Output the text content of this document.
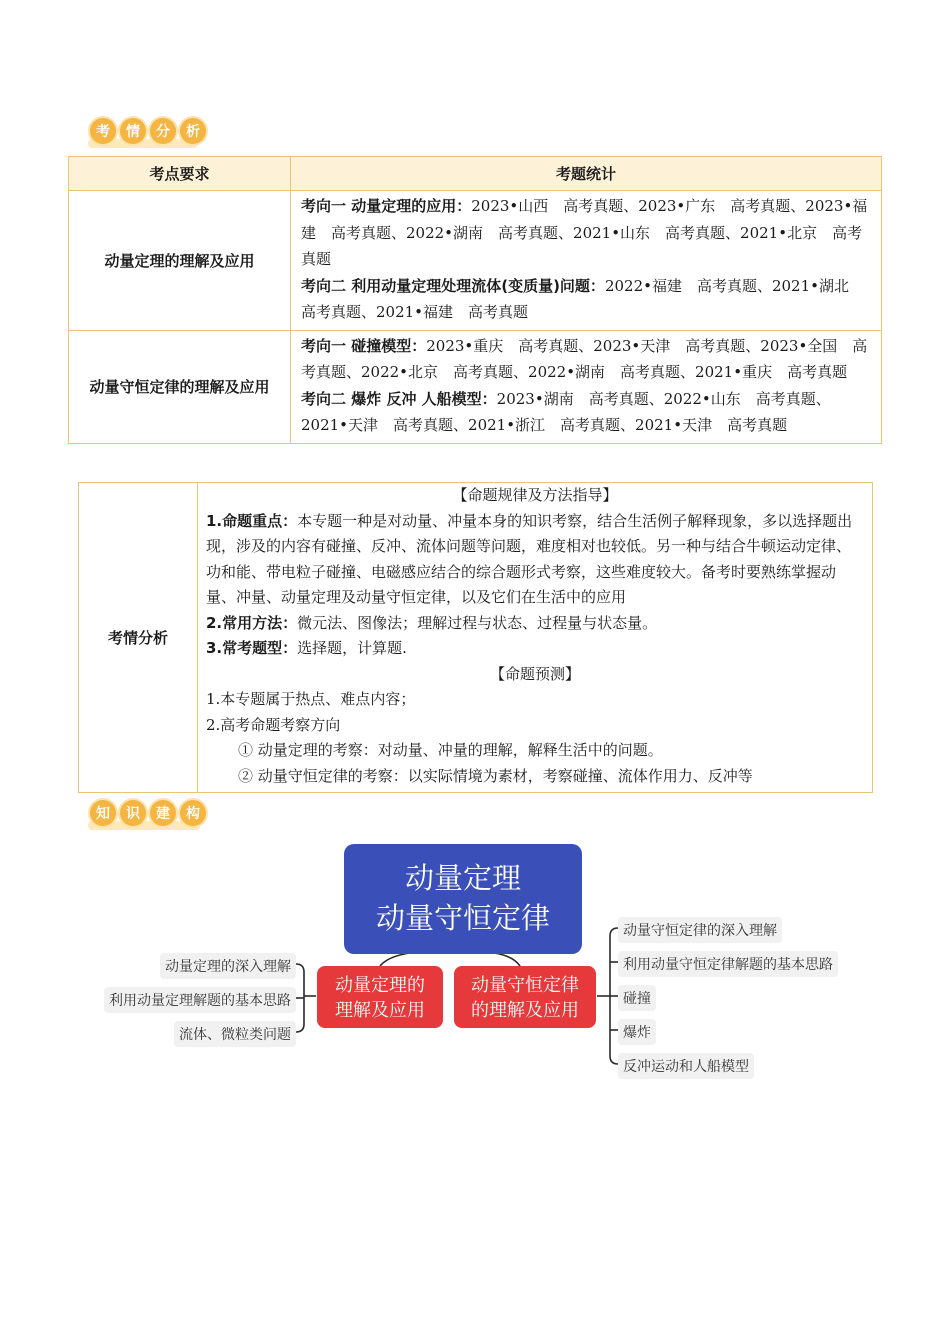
考	情	分	析
考点要求	考题统计
动量定理的理解及应用	考向一 动量定理的应用：2023•山西　高考真题、2023•广东　高考真题、2023•福建　高考真题、2022•湖南　高考真题、2021•山东　高考真题、2021•北京　高考真题
考向二 利用动量定理处理流体(变质量)问题：2022•福建　高考真题、2021•湖北　高考真题、2021•福建　高考真题

动量守恒定律的理解及应用	考向一 碰撞模型：2023•重庆　高考真题、2023•天津　高考真题、2023•全国　高考真题、2022•北京　高考真题、2022•湖南　高考真题、2021•重庆　高考真题
考向二 爆炸 反冲 人船模型：2023•湖南　高考真题、2022•山东　高考真题、2021•天津　高考真题、2021•浙江　高考真题、2021•天津　高考真题
考情分析	
【命题规律及方法指导】
1.命题重点：本专题一种是对动量、冲量本身的知识考察，结合生活例子解释现象，多以选择题出现，涉及的内容有碰撞、反冲、流体问题等问题，难度相对也较低。另一种与结合牛顿运动定律、功和能、带电粒子碰撞、电磁感应结合的综合题形式考察，这些难度较大。备考时要熟练掌握动量、冲量、动量定理及动量守恒定律，以及它们在生活中的应用
2.常用方法：微元法、图像法；理解过程与状态、过程量与状态量。
3.常考题型：选择题，计算题.
【命题预测】
1.本专题属于热点、难点内容；
2.高考命题考察方向
① 动量定理的考察：对动量、冲量的理解，解释生活中的问题。
② 动量守恒定律的考察：以实际情境为素材，考察碰撞、流体作用力、反冲等
知	识	建	构
动量定理
动量守恒定律
动量定理的
理解及应用
动量守恒定律
的理解及应用
动量定理的深入理解
利用动量定理解题的基本思路
流体、微粒类问题
动量守恒定律的深入理解
利用动量守恒定律解题的基本思路
碰撞
爆炸
反冲运动和人船模型
